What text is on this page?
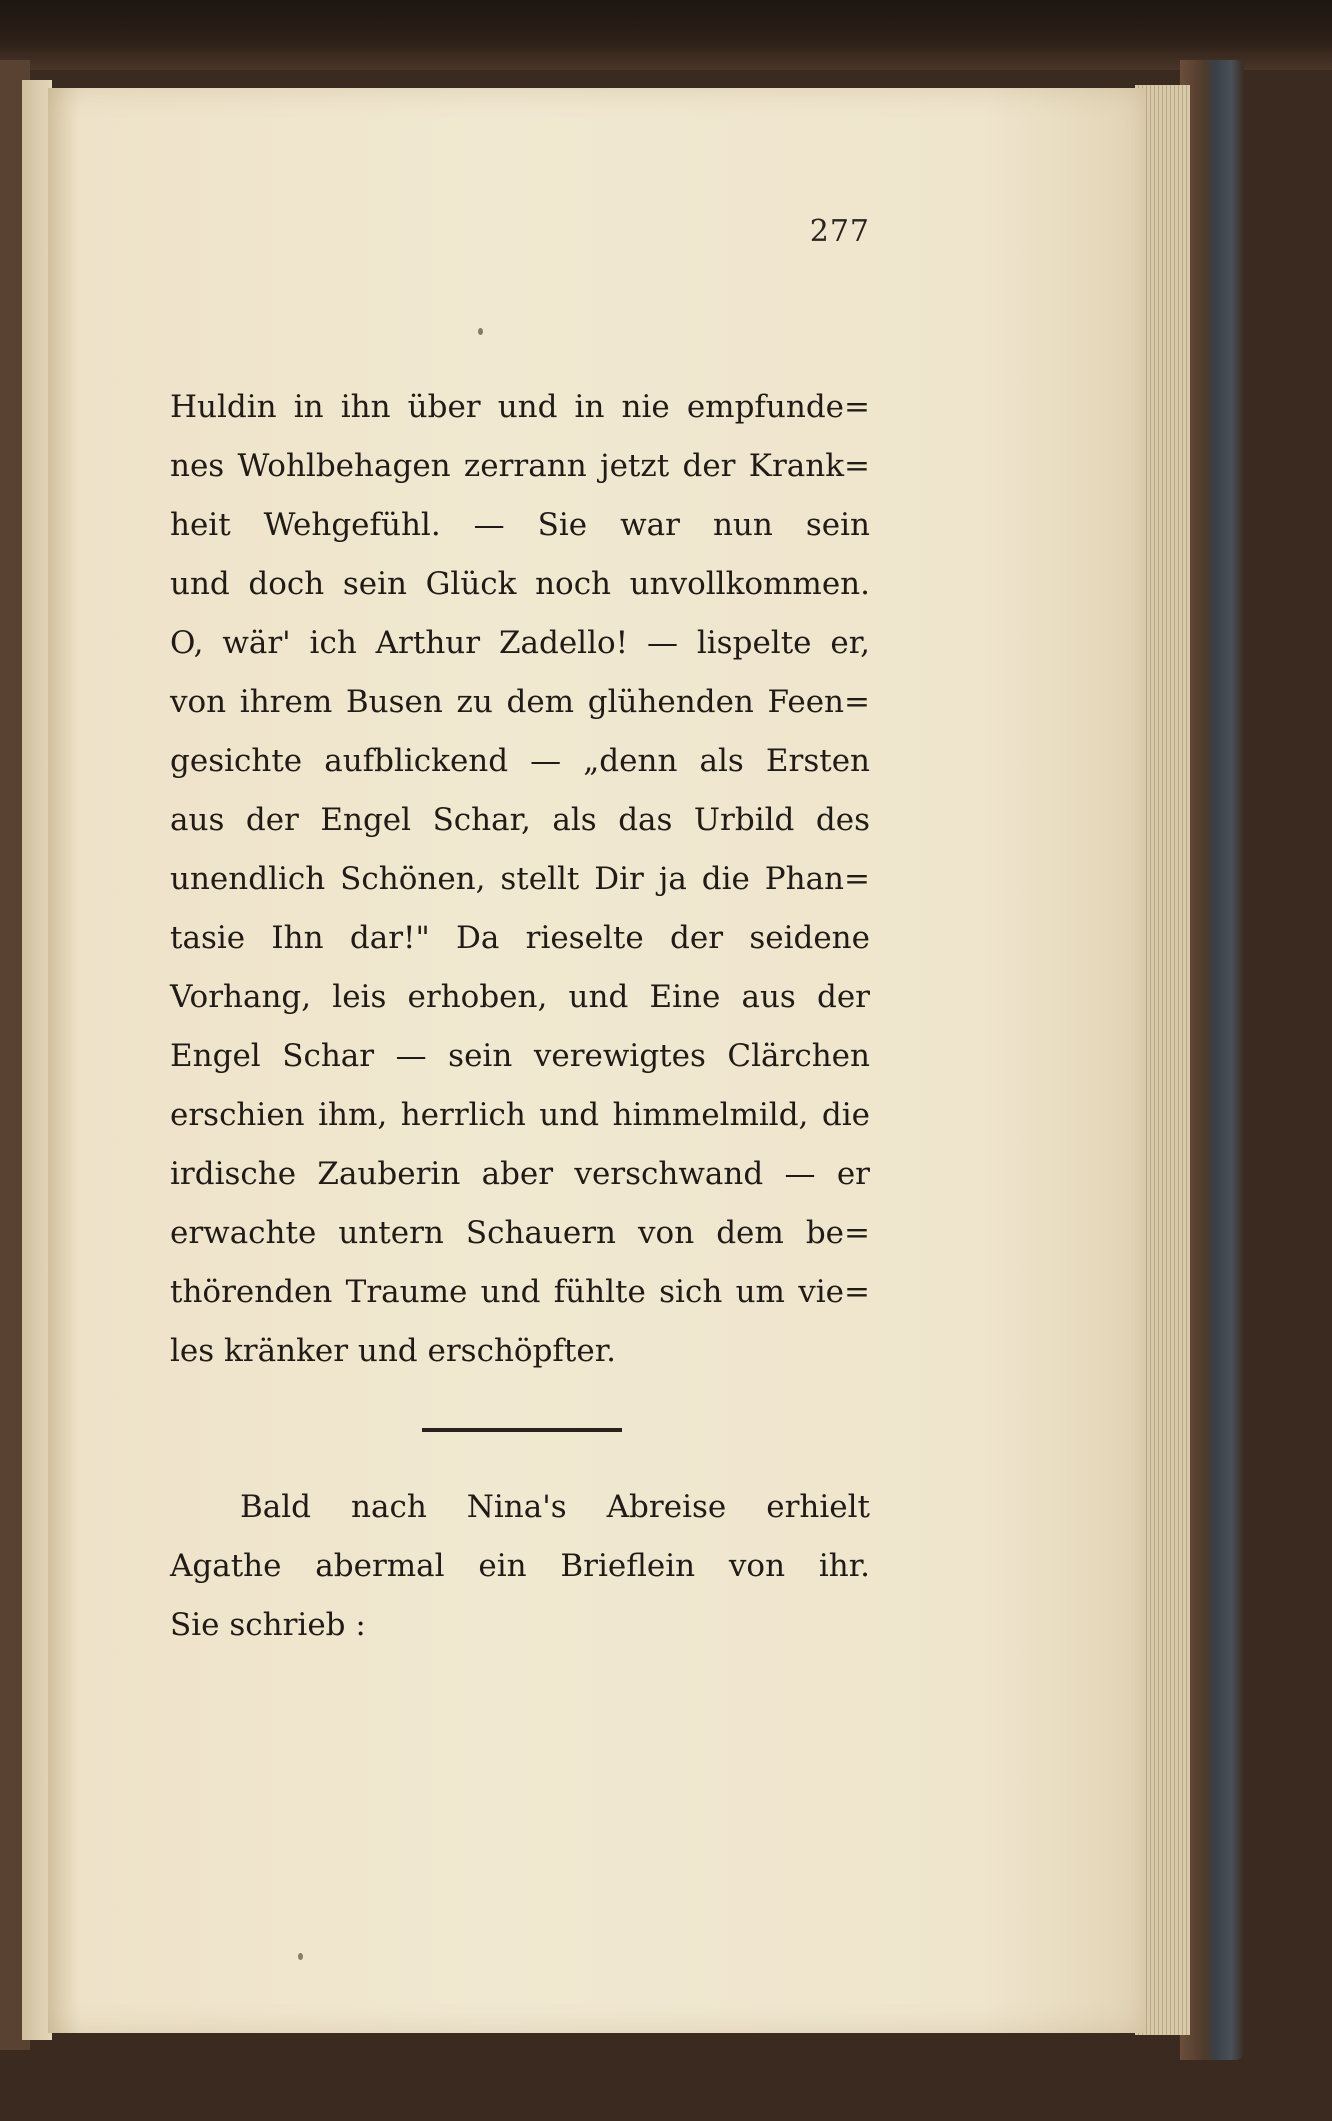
277
Huldin in ihn über und in nie empfunde=
nes Wohlbehagen zerrann jetzt der Krank=
heit Wehgefühl. — Sie war nun sein
und doch sein Glück noch unvollkommen.
O, wär' ich Arthur Zadello! — lispelte er,
von ihrem Busen zu dem glühenden Feen=
gesichte aufblickend — „denn als Ersten
aus der Engel Schar, als das Urbild des
unendlich Schönen, stellt Dir ja die Phan=
tasie Ihn dar!" Da rieselte der seidene
Vorhang, leis erhoben, und Eine aus der
Engel Schar — sein verewigtes Clärchen
erschien ihm, herrlich und himmelmild, die
irdische Zauberin aber verschwand — er
erwachte untern Schauern von dem be=
thörenden Traume und fühlte sich um vie=
les kränker und erschöpfter.
Bald nach Nina's Abreise erhielt
Agathe abermal ein Brieflein von ihr.
Sie schrieb :
